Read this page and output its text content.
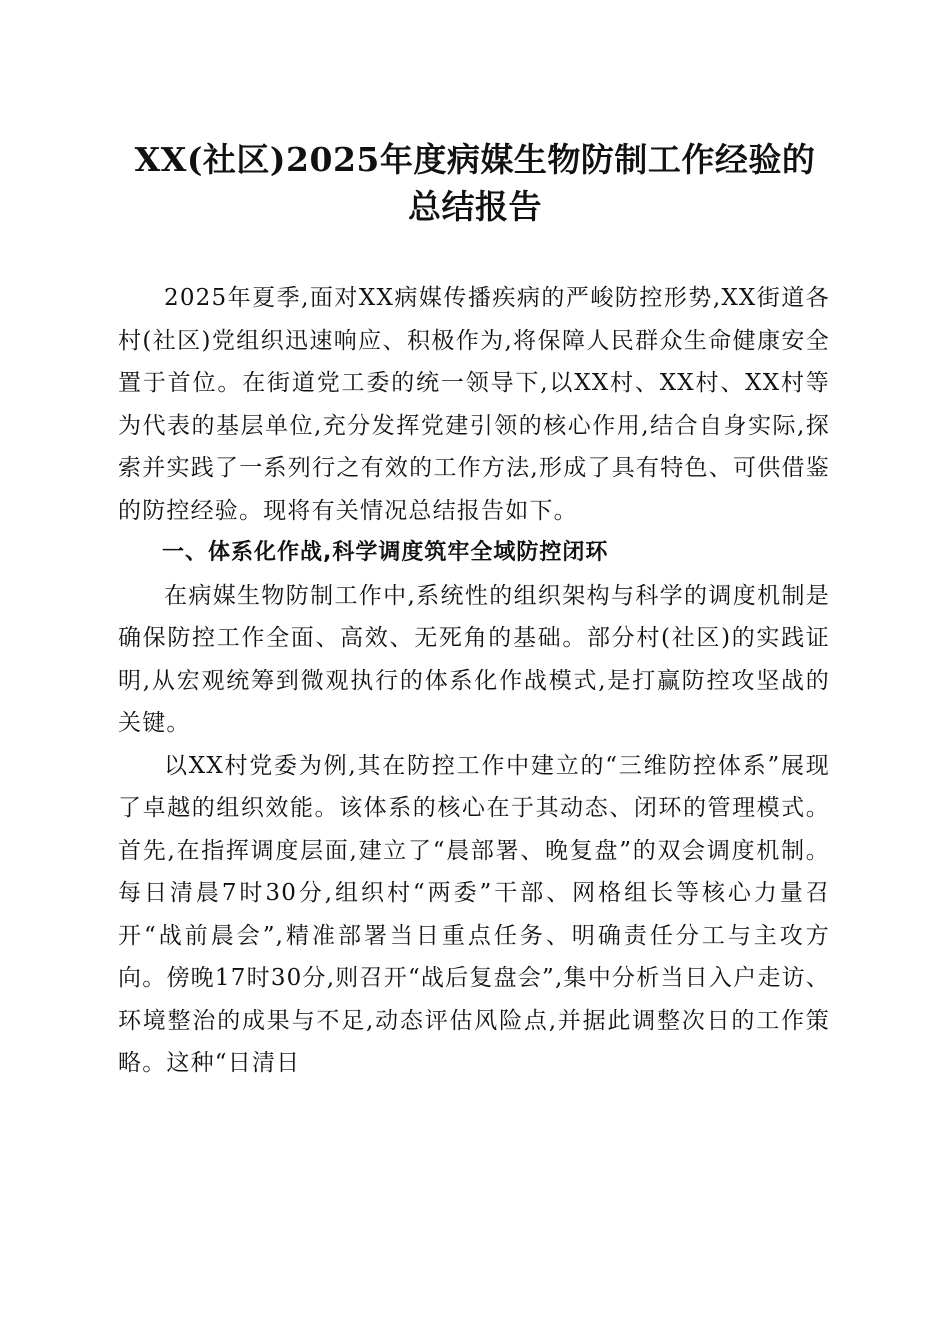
XX(社区)2025年度病媒生物防制工作经验的
总结报告

2025年夏季,面对XX病媒传播疾病的严峻防控形势,XX街道各村(社区)党组织迅速响应、积极作为,将保障人民群众生命健康安全置于首位。在街道党工委的统一领导下,以XX村、XX村、XX村等为代表的基层单位,充分发挥党建引领的核心作用,结合自身实际,探索并实践了一系列行之有效的工作方法,形成了具有特色、可供借鉴的防控经验。现将有关情况总结报告如下。

一、体系化作战,科学调度筑牢全域防控闭环

在病媒生物防制工作中,系统性的组织架构与科学的调度机制是确保防控工作全面、高效、无死角的基础。部分村(社区)的实践证明,从宏观统筹到微观执行的体系化作战模式,是打赢防控攻坚战的关键。

以XX村党委为例,其在防控工作中建立的“三维防控体系”展现了卓越的组织效能。该体系的核心在于其动态、闭环的管理模式。首先,在指挥调度层面,建立了“晨部署、晚复盘”的双会调度机制。每日清晨7时30分,组织村“两委”干部、网格组长等核心力量召开“战前晨会”,精准部署当日重点任务、明确责任分工与主攻方向。傍晚17时30分,则召开“战后复盘会”,集中分析当日入户走访、环境整治的成果与不足,动态评估风险点,并据此调整次日的工作策略。这种“日清日
